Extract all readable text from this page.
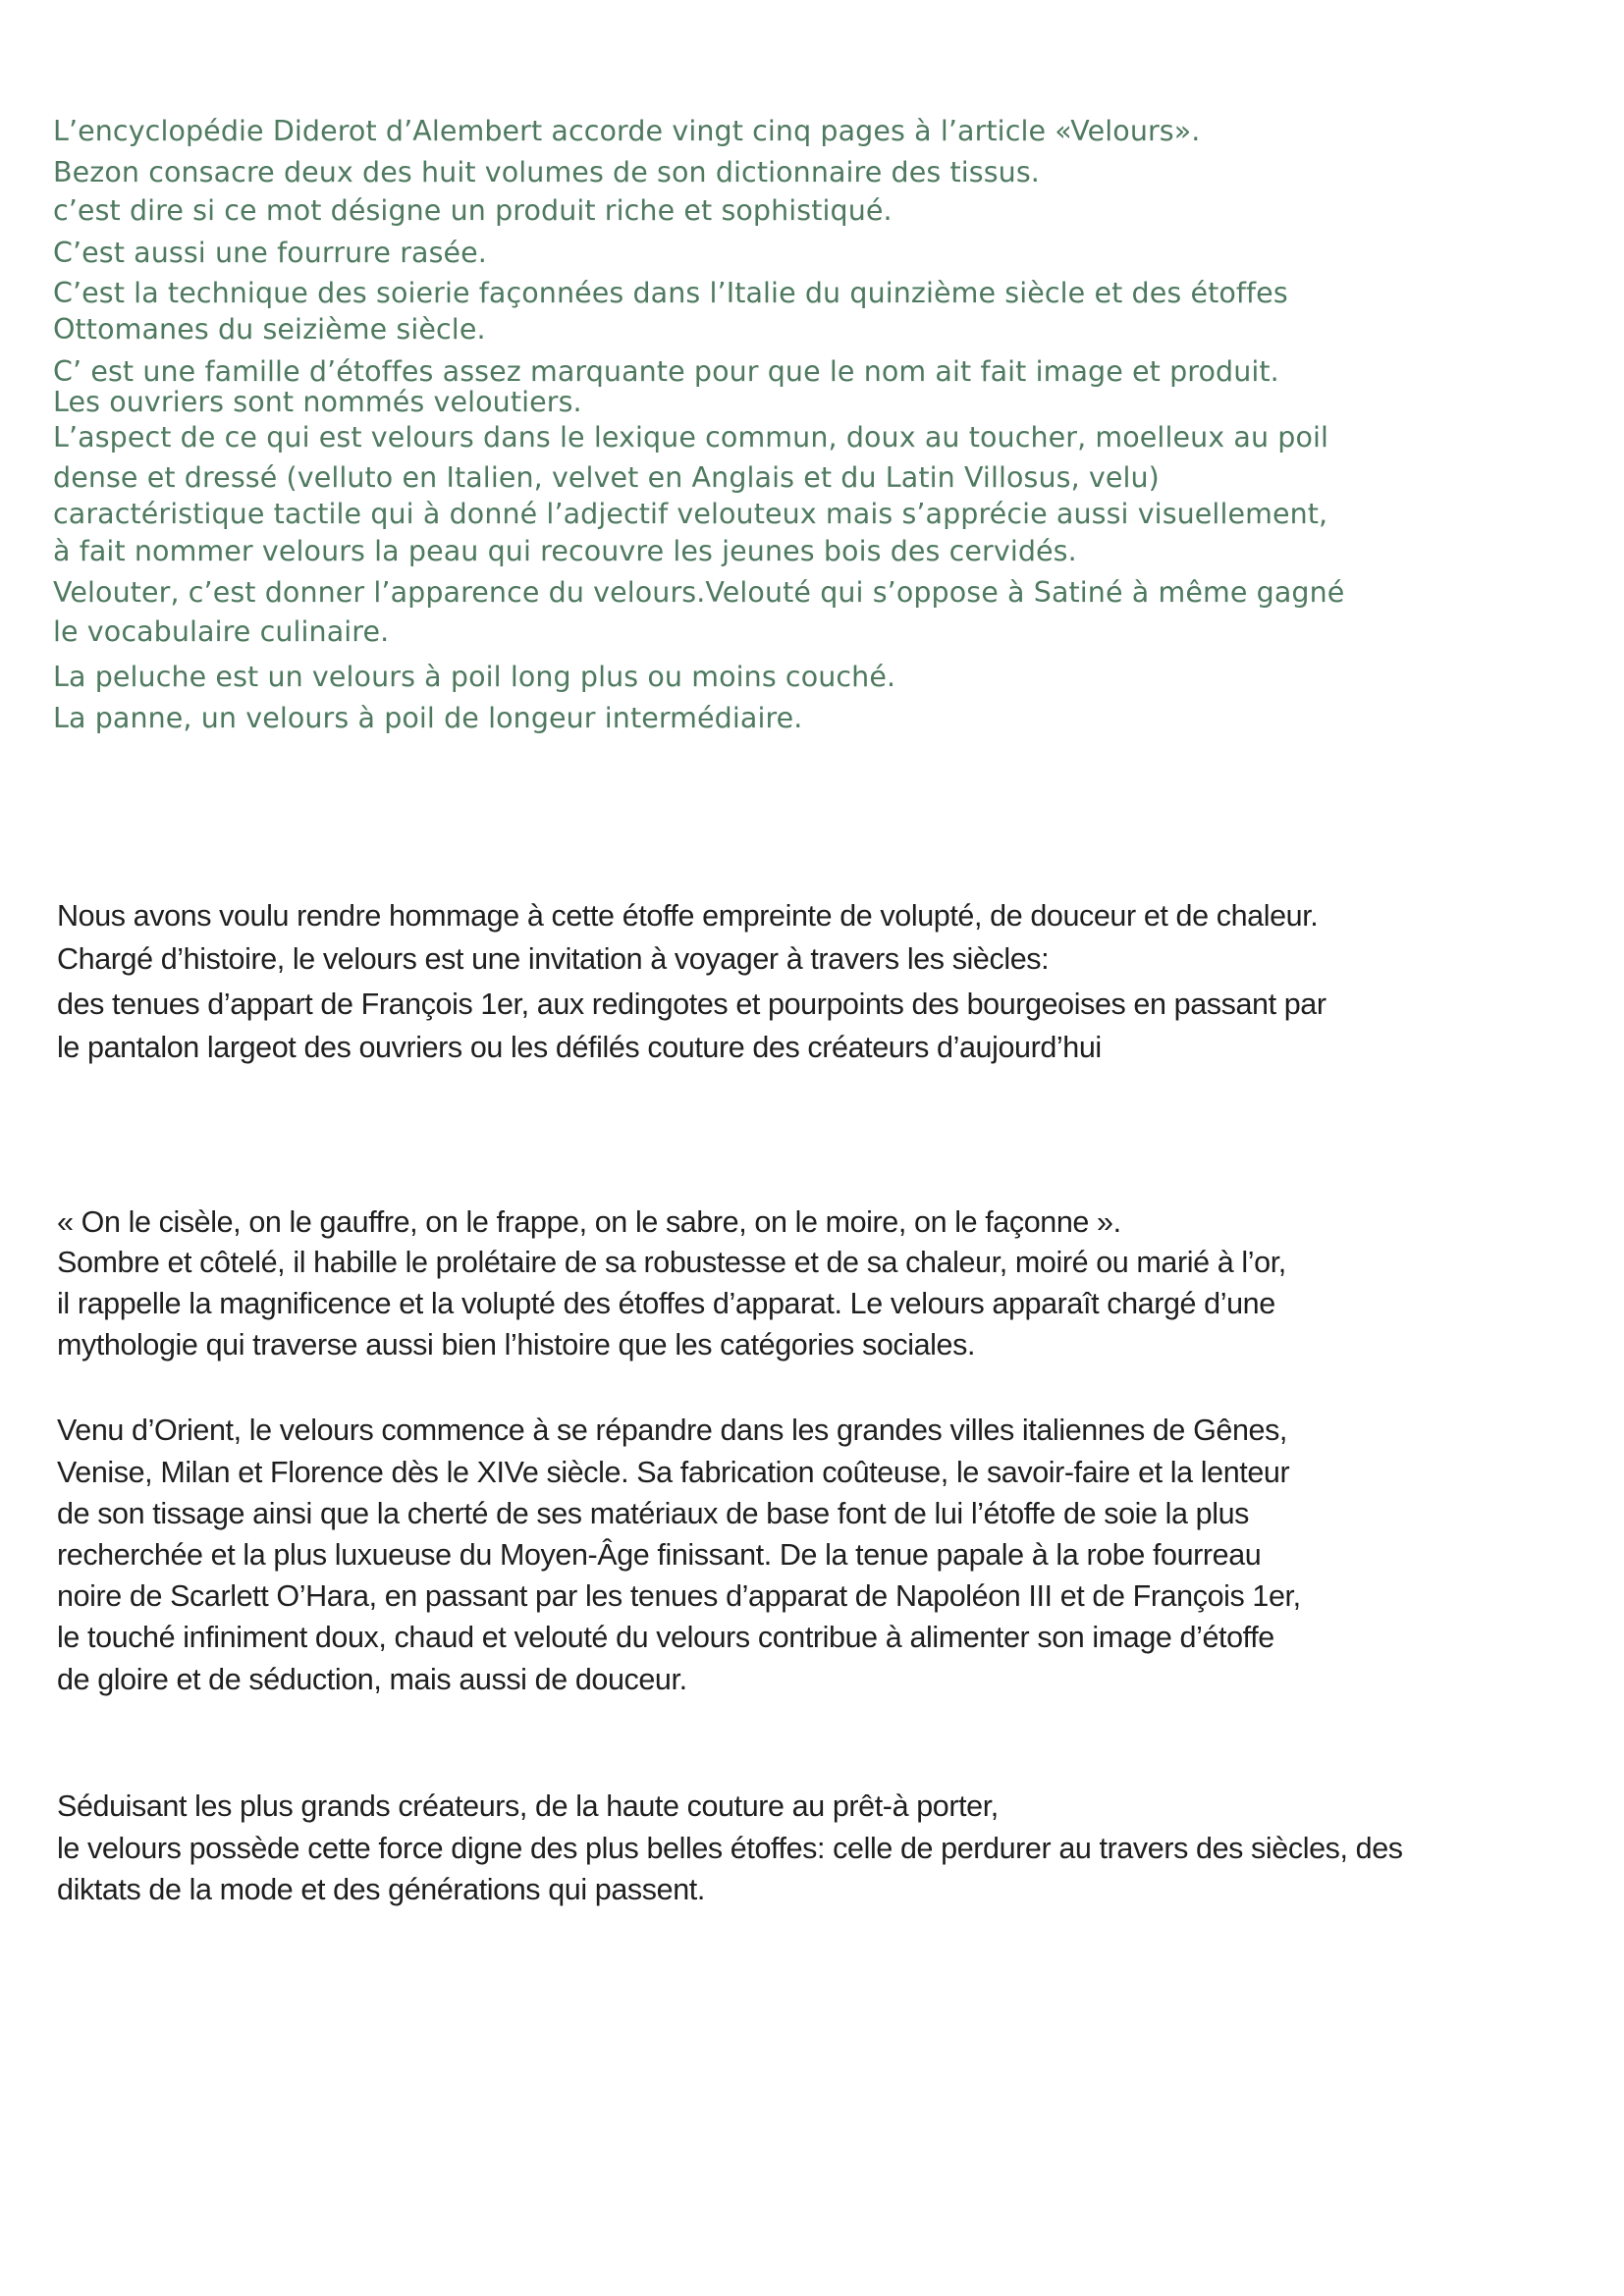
L’encyclopédie Diderot d’Alembert accorde vingt cinq pages à l’article «Velours».
Bezon consacre deux des huit volumes de son dictionnaire des tissus.
c’est dire si ce mot désigne un produit riche et sophistiqué.
C’est aussi une fourrure rasée.
C’est la technique des soierie façonnées dans l’Italie du quinzième siècle et des étoffes
Ottomanes du seizième siècle.
C’ est une famille d’étoffes assez marquante pour que le nom ait fait image et produit.
Les ouvriers sont nommés veloutiers.
L’aspect de ce qui est velours dans le lexique commun, doux au toucher, moelleux au poil
dense et dressé (velluto en Italien, velvet en Anglais et du Latin Villosus, velu)
caractéristique tactile qui à donné l’adjectif velouteux mais s’apprécie aussi visuellement,
à fait nommer velours la peau qui recouvre les jeunes bois des cervidés.
Velouter, c’est donner l’apparence du velours.Velouté qui s’oppose à Satiné à même gagné
le vocabulaire culinaire.
La peluche est un velours à poil long plus ou moins couché.
La panne, un velours à poil de longeur intermédiaire.
Nous avons voulu rendre hommage à cette étoffe empreinte de volupté, de douceur et de chaleur.
Chargé d’histoire, le velours est une invitation à voyager à travers les siècles:
des tenues d’appart de François 1er, aux redingotes et pourpoints des bourgeoises en passant par
le pantalon largeot des ouvriers ou les défilés couture des créateurs d’aujourd’hui
« On le cisèle, on le gauffre, on le frappe, on le sabre, on le moire, on le façonne ».
Sombre et côtelé, il habille le prolétaire de sa robustesse et de sa chaleur, moiré ou marié à l’or,
il rappelle la magnificence et la volupté des étoffes d’apparat. Le velours apparaît chargé d’une
mythologie qui traverse aussi bien l’histoire que les catégories sociales.
Venu d’Orient, le velours commence à se répandre dans les grandes villes italiennes de Gênes,
Venise, Milan et Florence dès le XIVe siècle. Sa fabrication coûteuse, le savoir-faire et la lenteur
de son tissage ainsi que la cherté de ses matériaux de base font de lui l’étoffe de soie la plus
recherchée et la plus luxueuse du Moyen-Âge finissant. De la tenue papale à la robe fourreau
noire de Scarlett O’Hara, en passant par les tenues d’apparat de Napoléon III et de François 1er,
le touché infiniment doux, chaud et velouté du velours contribue à alimenter son image d’étoffe
de gloire et de séduction, mais aussi de douceur.
Séduisant les plus grands créateurs, de la haute couture au prêt-à porter,
le velours possède cette force digne des plus belles étoffes: celle de perdurer au travers des siècles, des
diktats de la mode et des générations qui passent.
